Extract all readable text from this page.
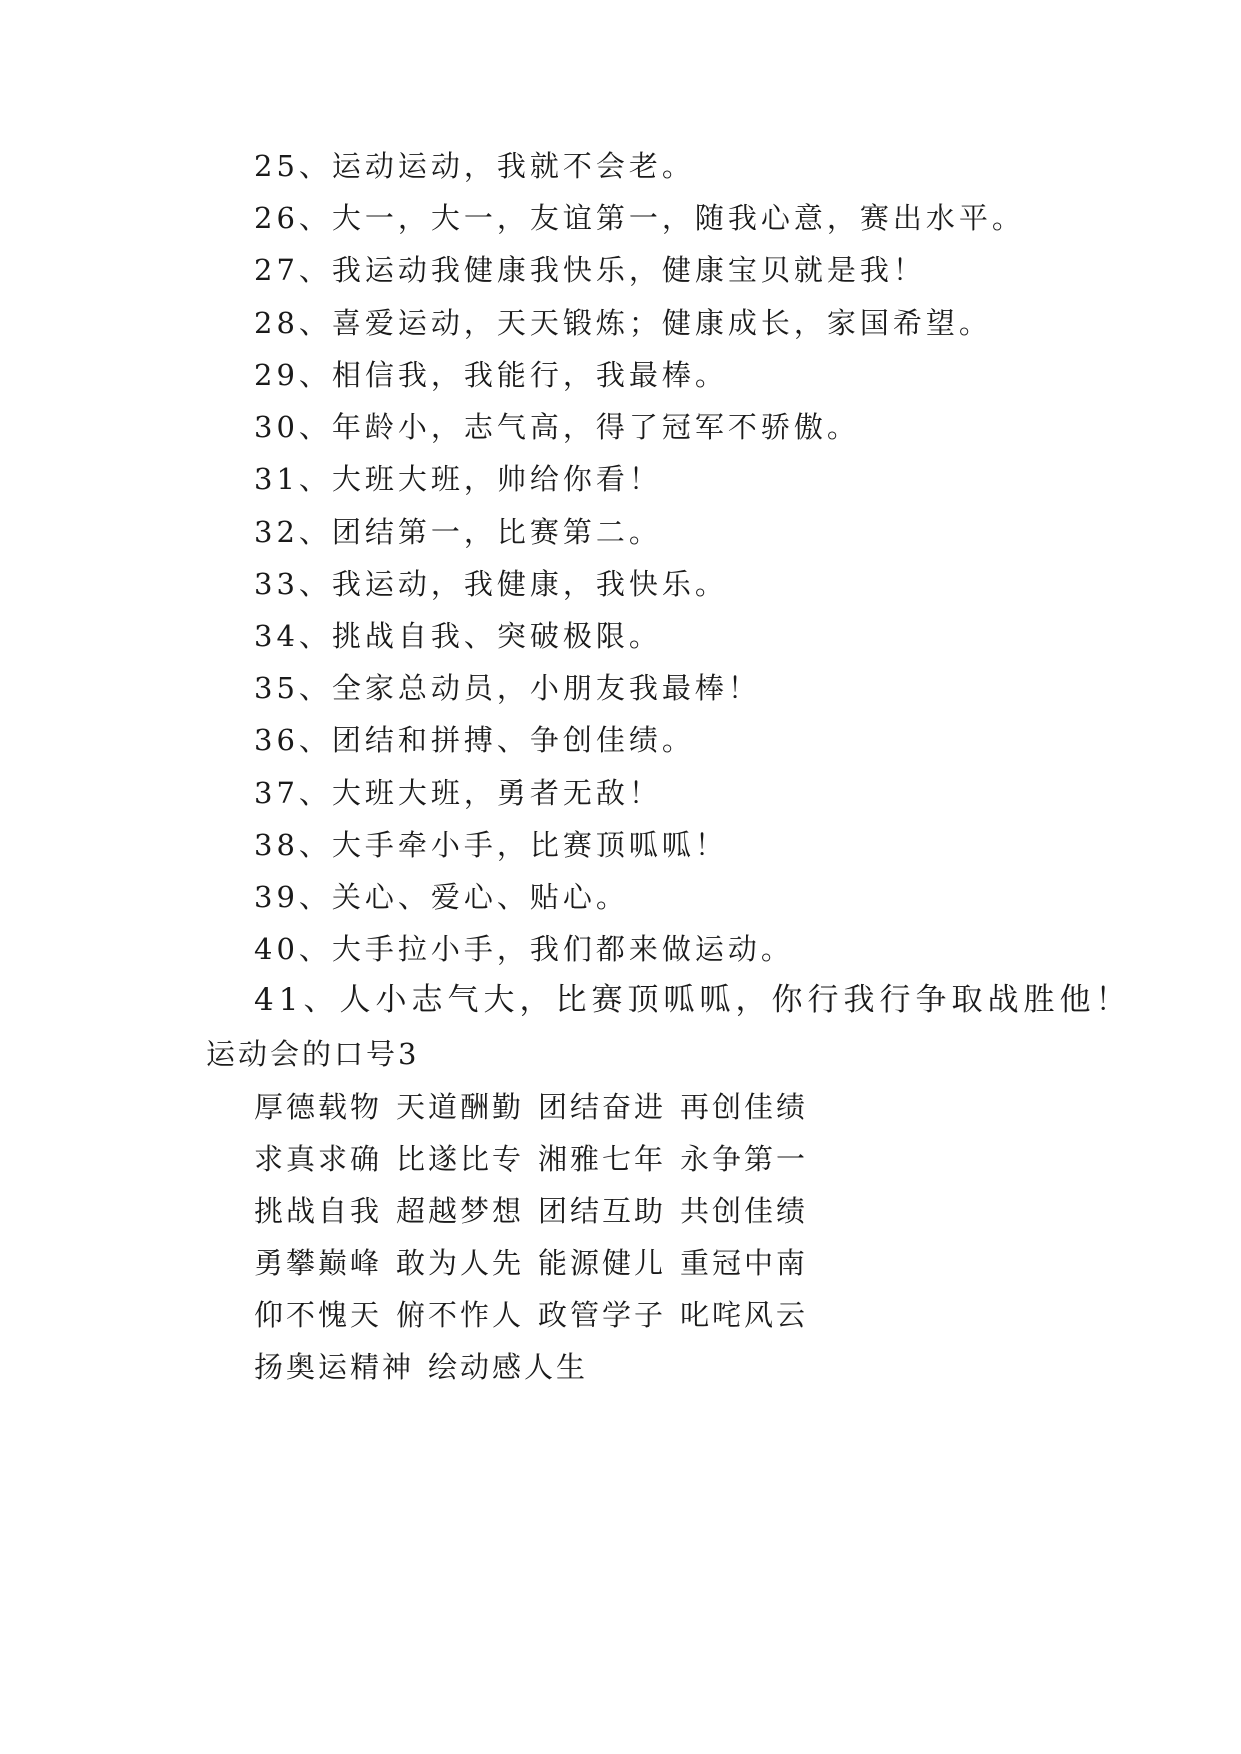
25、运动运动，我就不会老。
26、大一，大一，友谊第一，随我心意，赛出水平。
27、我运动我健康我快乐，健康宝贝就是我！
28、喜爱运动，天天锻炼；健康成长，家国希望。
29、相信我，我能行，我最棒。
30、年龄小，志气高，得了冠军不骄傲。
31、大班大班，帅给你看！
32、团结第一，比赛第二。
33、我运动，我健康，我快乐。
34、挑战自我、突破极限。
35、全家总动员，小朋友我最棒！
36、团结和拼搏、争创佳绩。
37、大班大班，勇者无敌！
38、大手牵小手，比赛顶呱呱！
39、关心、爱心、贴心。
40、大手拉小手，我们都来做运动。
41、人小志气大，比赛顶呱呱，你行我行争取战胜他！
运动会的口号3
厚德载物 天道酬勤 团结奋进 再创佳绩
求真求确 比遂比专 湘雅七年 永争第一
挑战自我 超越梦想 团结互助 共创佳绩
勇攀巅峰 敢为人先 能源健儿 重冠中南
仰不愧天 俯不怍人 政管学子 叱咤风云
扬奥运精神 绘动感人生
